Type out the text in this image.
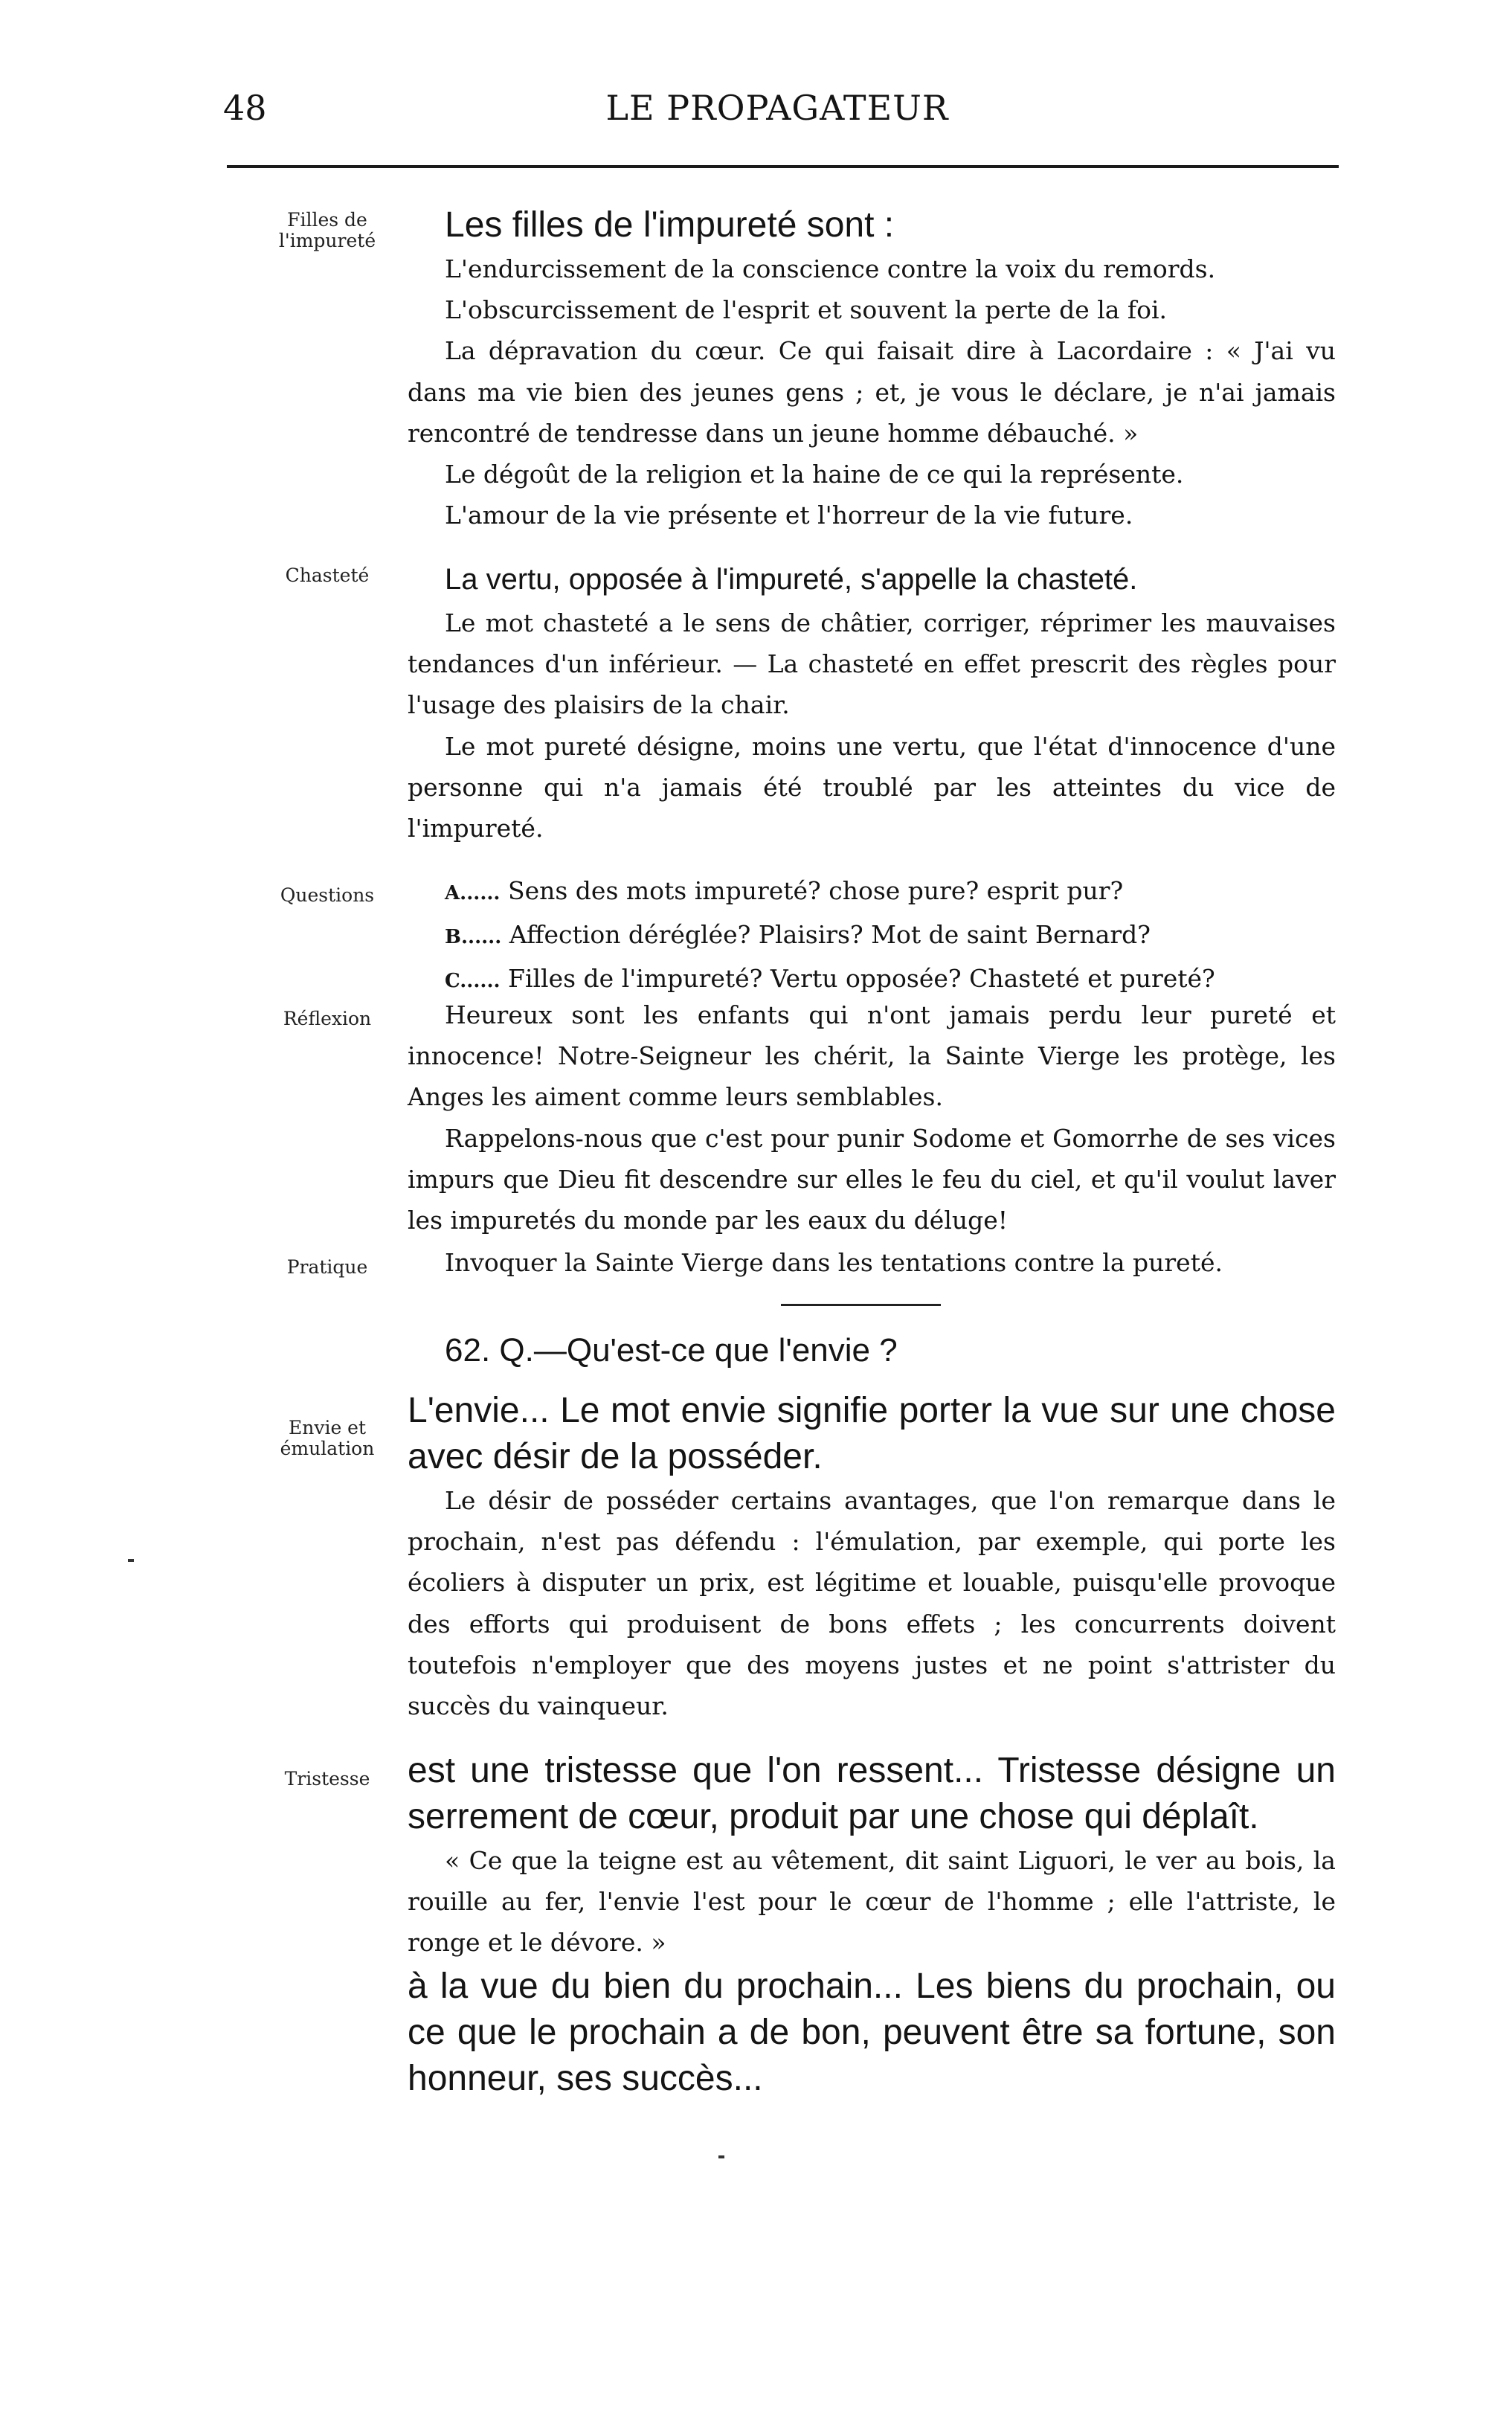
48	LE PROPAGATEUR
Filles de l'impureté
Chasteté
Questions
Réflexion
Pratique
Envie et émulation
Tristesse

Les filles de l'impureté sont :

L'endurcissement de la conscience contre la voix du remords.

L'obscurcissement de l'esprit et souvent la perte de la foi.

La dépravation du cœur. Ce qui faisait dire à Lacordaire : « J'ai vu dans ma vie bien des jeunes gens ; et, je vous le déclare, je n'ai jamais rencontré de tendresse dans un jeune homme débauché. »

Le dégoût de la religion et la haine de ce qui la représente.

L'amour de la vie présente et l'horreur de la vie future.

La vertu, opposée à l'impureté, s'appelle la chasteté.

Le mot chasteté a le sens de châtier, corriger, réprimer les mauvaises tendances d'un inférieur. — La chasteté en effet prescrit des règles pour l'usage des plaisirs de la chair.

Le mot pureté désigne, moins une vertu, que l'état d'innocence d'une personne qui n'a jamais été troublé par les atteintes du vice de l'impureté.

A...... Sens des mots impureté? chose pure? esprit pur?

B...... Affection déréglée? Plaisirs? Mot de saint Bernard?

C...... Filles de l'impureté? Vertu opposée? Chasteté et pureté?

Heureux sont les enfants qui n'ont jamais perdu leur pureté et innocence! Notre-Seigneur les chérit, la Sainte Vierge les protège, les Anges les aiment comme leurs semblables.

Rappelons-nous que c'est pour punir Sodome et Gomorrhe de ses vices impurs que Dieu fit descendre sur elles le feu du ciel, et qu'il voulut laver les impuretés du monde par les eaux du déluge!

Invoquer la Sainte Vierge dans les tentations contre la pureté.

62. Q.—Qu'est-ce que l'envie ?

L'envie... Le mot envie signifie porter la vue sur une chose avec désir de la posséder.

Le désir de posséder certains avantages, que l'on remarque dans le prochain, n'est pas défendu : l'émulation, par exemple, qui porte les écoliers à disputer un prix, est légitime et louable, puisqu'elle provoque des efforts qui produisent de bons effets ; les concurrents doivent toutefois n'employer que des moyens justes et ne point s'attrister du succès du vainqueur.

est une tristesse que l'on ressent... Tristesse désigne un serrement de cœur, produit par une chose qui déplaît.

« Ce que la teigne est au vêtement, dit saint Liguori, le ver au bois, la rouille au fer, l'envie l'est pour le cœur de l'homme ; elle l'attriste, le ronge et le dévore. »

à la vue du bien du prochain... Les biens du prochain, ou ce que le prochain a de bon, peuvent être sa fortune, son honneur, ses succès...
